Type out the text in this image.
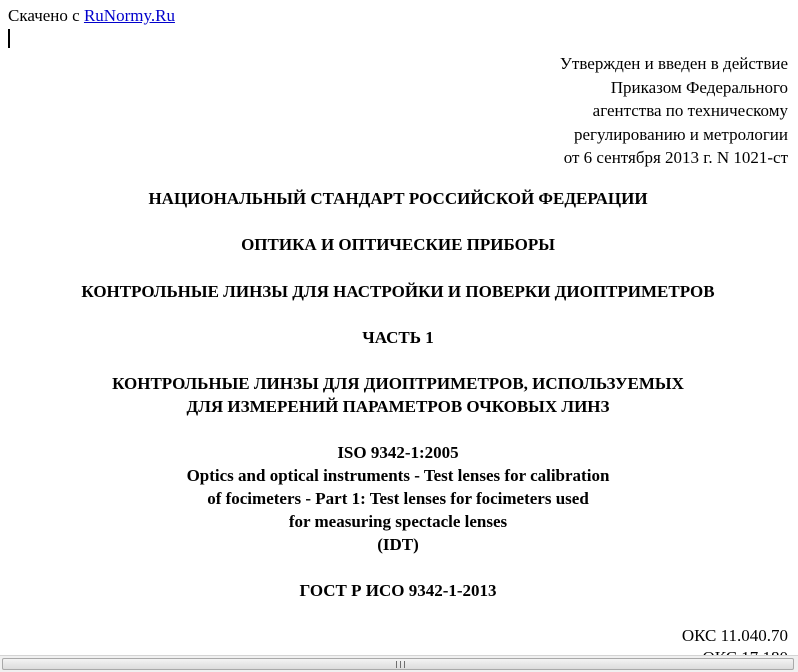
Скачено с RuNormy.Ru
Утвержден и введен в действие
Приказом Федерального
агентства по техническому
регулированию и метрологии
от 6 сентября 2013 г. N 1021-ст
НАЦИОНАЛЬНЫЙ СТАНДАРТ РОССИЙСКОЙ ФЕДЕРАЦИИ
ОПТИКА И ОПТИЧЕСКИЕ ПРИБОРЫ
КОНТРОЛЬНЫЕ ЛИНЗЫ ДЛЯ НАСТРОЙКИ И ПОВЕРКИ ДИОПТРИМЕТРОВ
ЧАСТЬ 1
КОНТРОЛЬНЫЕ ЛИНЗЫ ДЛЯ ДИОПТРИМЕТРОВ, ИСПОЛЬЗУЕМЫХ
ДЛЯ ИЗМЕРЕНИЙ ПАРАМЕТРОВ ОЧКОВЫХ ЛИНЗ
ISO 9342-1:2005
Optics and optical instruments - Test lenses for calibration
of focimeters - Part 1: Test lenses for focimeters used
for measuring spectacle lenses
(IDT)
ГОСТ Р ИСО 9342-1-2013
ОКС 11.040.70
